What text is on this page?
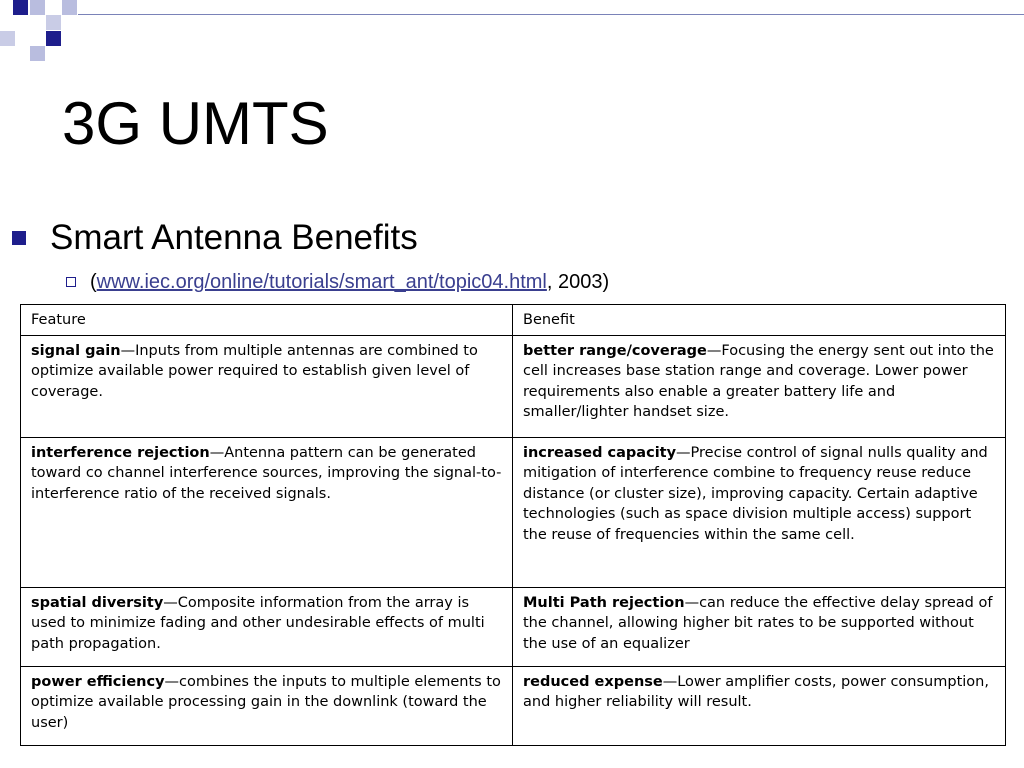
3G UMTS
Smart Antenna Benefits
( www.iec.org/online/tutorials/smart_ant/topic04.html , 2003)
Feature	Benefit
signal gain—Inputs from multiple antennas are combined to optimize available power required to establish given level of coverage.	better range/coverage—Focusing the energy sent out into the cell increases base station range and coverage. Lower power requirements also enable a greater battery life and smaller/lighter handset size.
interference rejection—Antenna pattern can be generated toward co channel interference sources, improving the signal-to-interference ratio of the received signals.	increased capacity—Precise control of signal nulls quality and mitigation of interference combine to frequency reuse reduce distance (or cluster size), improving capacity. Certain adaptive technologies (such as space division multiple access) support the reuse of frequencies within the same cell.
spatial diversity—Composite information from the array is used to minimize fading and other undesirable effects of multi path propagation.	Multi Path rejection—can reduce the effective delay spread of the channel, allowing higher bit rates to be supported without the use of an equalizer
power efficiency—combines the inputs to multiple elements to optimize available processing gain in the downlink (toward the user)	reduced expense—Lower amplifier costs, power consumption, and higher reliability will result.
